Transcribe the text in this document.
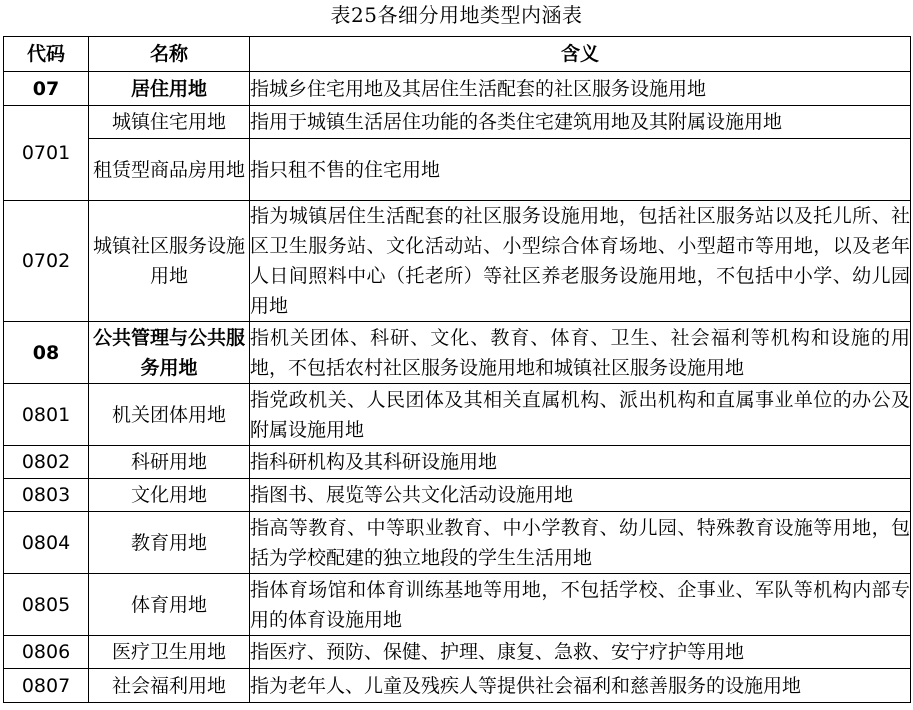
表25各细分用地类型内涵表
代码	名称	含义
07	居住用地	指城乡住宅用地及其居住生活配套的社区服务设施用地
0701	城镇住宅用地	指用于城镇生活居住功能的各类住宅建筑用地及其附属设施用地
	租赁型商品房用地	指只租不售的住宅用地
0702	城镇社区服务设施用地	指为城镇居住生活配套的社区服务设施用地，包括社区服务站以及托儿所、社区卫生服务站、文化活动站、小型综合体育场地、小型超市等用地，以及老年人日间照料中心（托老所）等社区养老服务设施用地，不包括中小学、幼儿园用地
08	公共管理与公共服务用地	指机关团体、科研、文化、教育、体育、卫生、社会福利等机构和设施的用地，不包括农村社区服务设施用地和城镇社区服务设施用地
0801	机关团体用地	指党政机关、人民团体及其相关直属机构、派出机构和直属事业单位的办公及附属设施用地
0802	科研用地	指科研机构及其科研设施用地
0803	文化用地	指图书、展览等公共文化活动设施用地
0804	教育用地	指高等教育、中等职业教育、中小学教育、幼儿园、特殊教育设施等用地，包括为学校配建的独立地段的学生生活用地
0805	体育用地	指体育场馆和体育训练基地等用地，不包括学校、企事业、军队等机构内部专用的体育设施用地
0806	医疗卫生用地	指医疗、预防、保健、护理、康复、急救、安宁疗护等用地
0807	社会福利用地	指为老年人、儿童及残疾人等提供社会福利和慈善服务的设施用地
